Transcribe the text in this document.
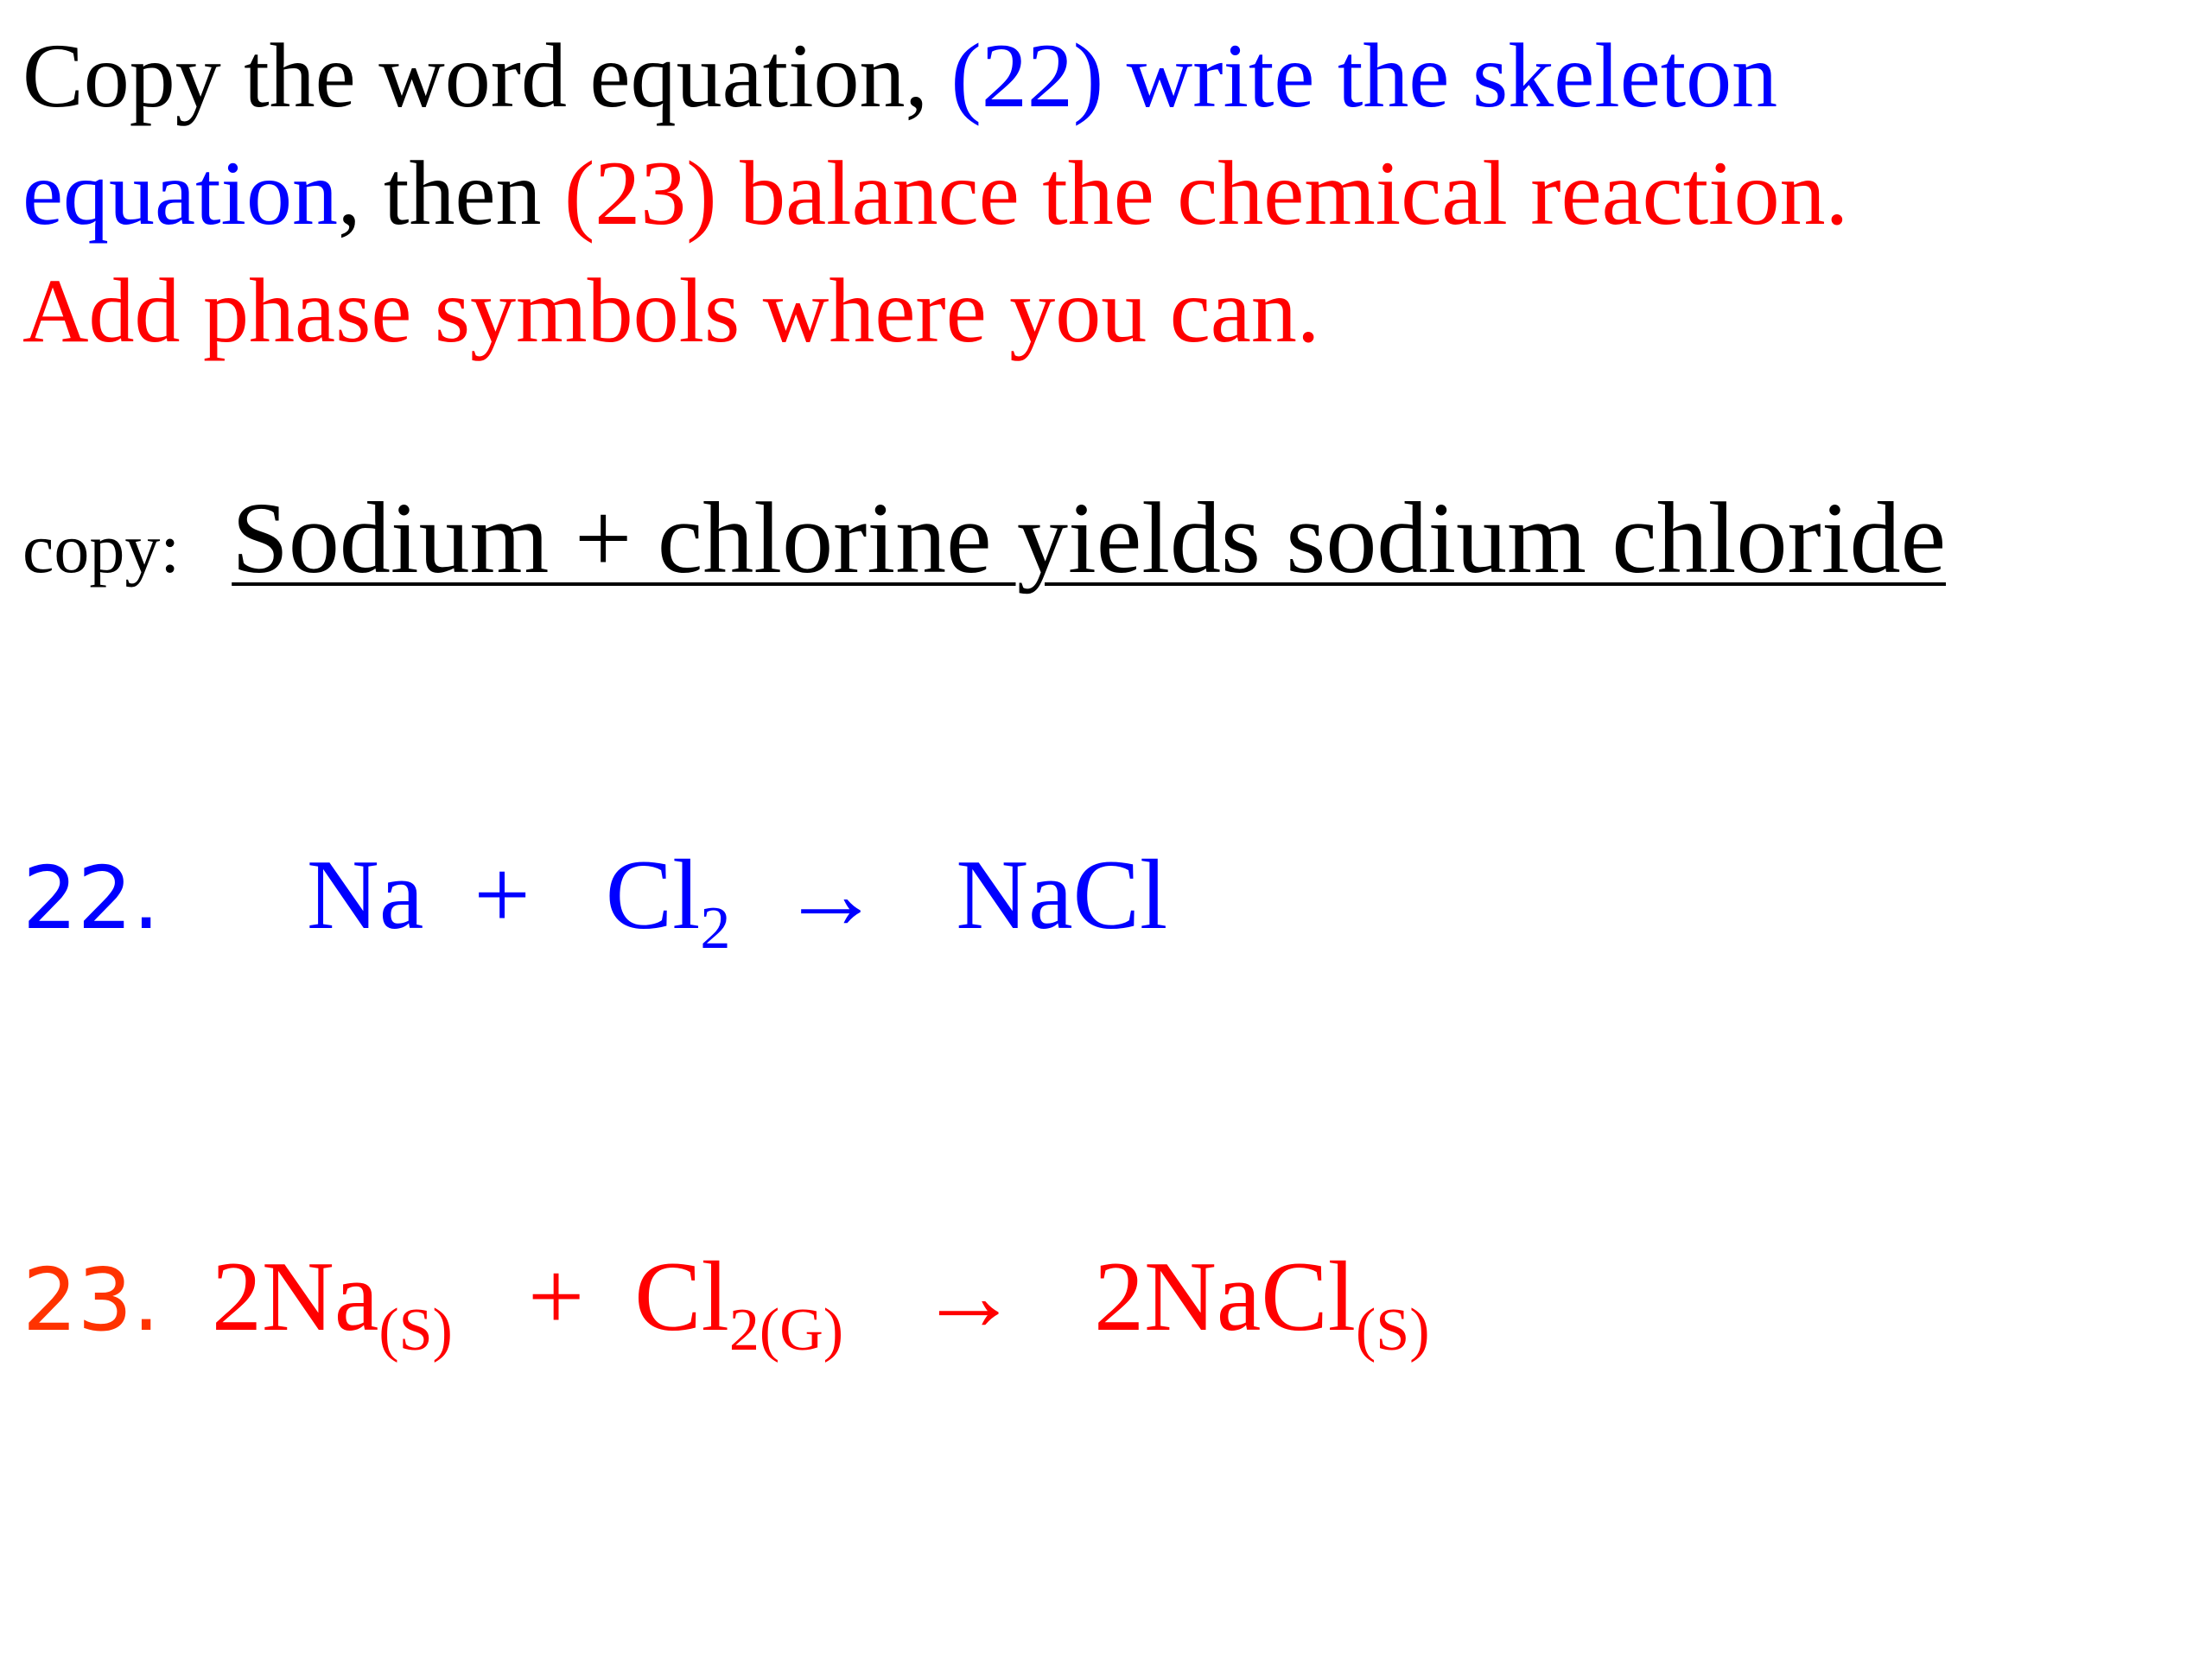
Copy the word equation, (22) write the skeleton
equation, then (23) balance the chemical reaction.
Add phase symbols where you can.
copy: Sodium + chlorine yields sodium chloride
22. $Na + Cl_2$ → NaCl
23. $2Na_{(S)} + Cl_{2(G)}$ → 2NaCl$_{(S)}$
